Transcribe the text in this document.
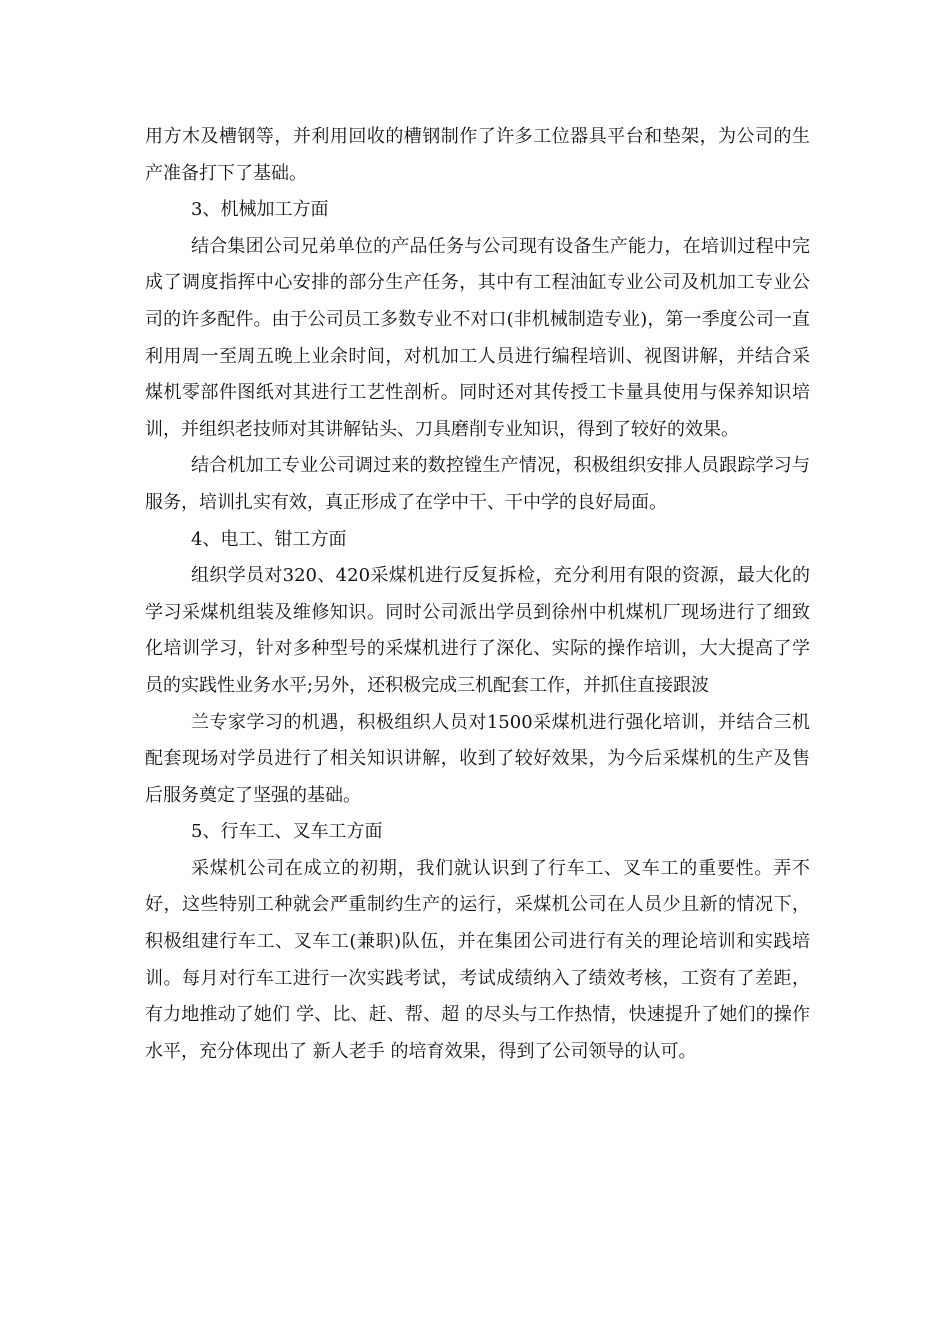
用方木及槽钢等，并利用回收的槽钢制作了许多工位器具平台和垫架，为公司的生产准备打下了基础。

3、机械加工方面

结合集团公司兄弟单位的产品任务与公司现有设备生产能力，在培训过程中完成了调度指挥中心安排的部分生产任务，其中有工程油缸专业公司及机加工专业公司的许多配件。由于公司员工多数专业不对口(非机械制造专业)，第一季度公司一直利用周一至周五晚上业余时间，对机加工人员进行编程培训、视图讲解，并结合采煤机零部件图纸对其进行工艺性剖析。同时还对其传授工卡量具使用与保养知识培训，并组织老技师对其讲解钻头、刀具磨削专业知识，得到了较好的效果。

结合机加工专业公司调过来的数控镗生产情况，积极组织安排人员跟踪学习与服务，培训扎实有效，真正形成了在学中干、干中学的良好局面。

4、电工、钳工方面

组织学员对320、420采煤机进行反复拆检，充分利用有限的资源，最大化的学习采煤机组装及维修知识。同时公司派出学员到徐州中机煤机厂现场进行了细致化培训学习，针对多种型号的采煤机进行了深化、实际的操作培训，大大提高了学员的实践性业务水平;另外，还积极完成三机配套工作，并抓住直接跟波

兰专家学习的机遇，积极组织人员对1500采煤机进行强化培训，并结合三机配套现场对学员进行了相关知识讲解，收到了较好效果，为今后采煤机的生产及售后服务奠定了坚强的基础。

5、行车工、叉车工方面

采煤机公司在成立的初期，我们就认识到了行车工、叉车工的重要性。弄不好，这些特别工种就会严重制约生产的运行，采煤机公司在人员少且新的情况下，积极组建行车工、叉车工(兼职)队伍，并在集团公司进行有关的理论培训和实践培训。每月对行车工进行一次实践考试，考试成绩纳入了绩效考核，工资有了差距，有力地推动了她们 学、比、赶、帮、超 的尽头与工作热情，快速提升了她们的操作水平，充分体现出了 新人老手 的培育效果，得到了公司领导的认可。
